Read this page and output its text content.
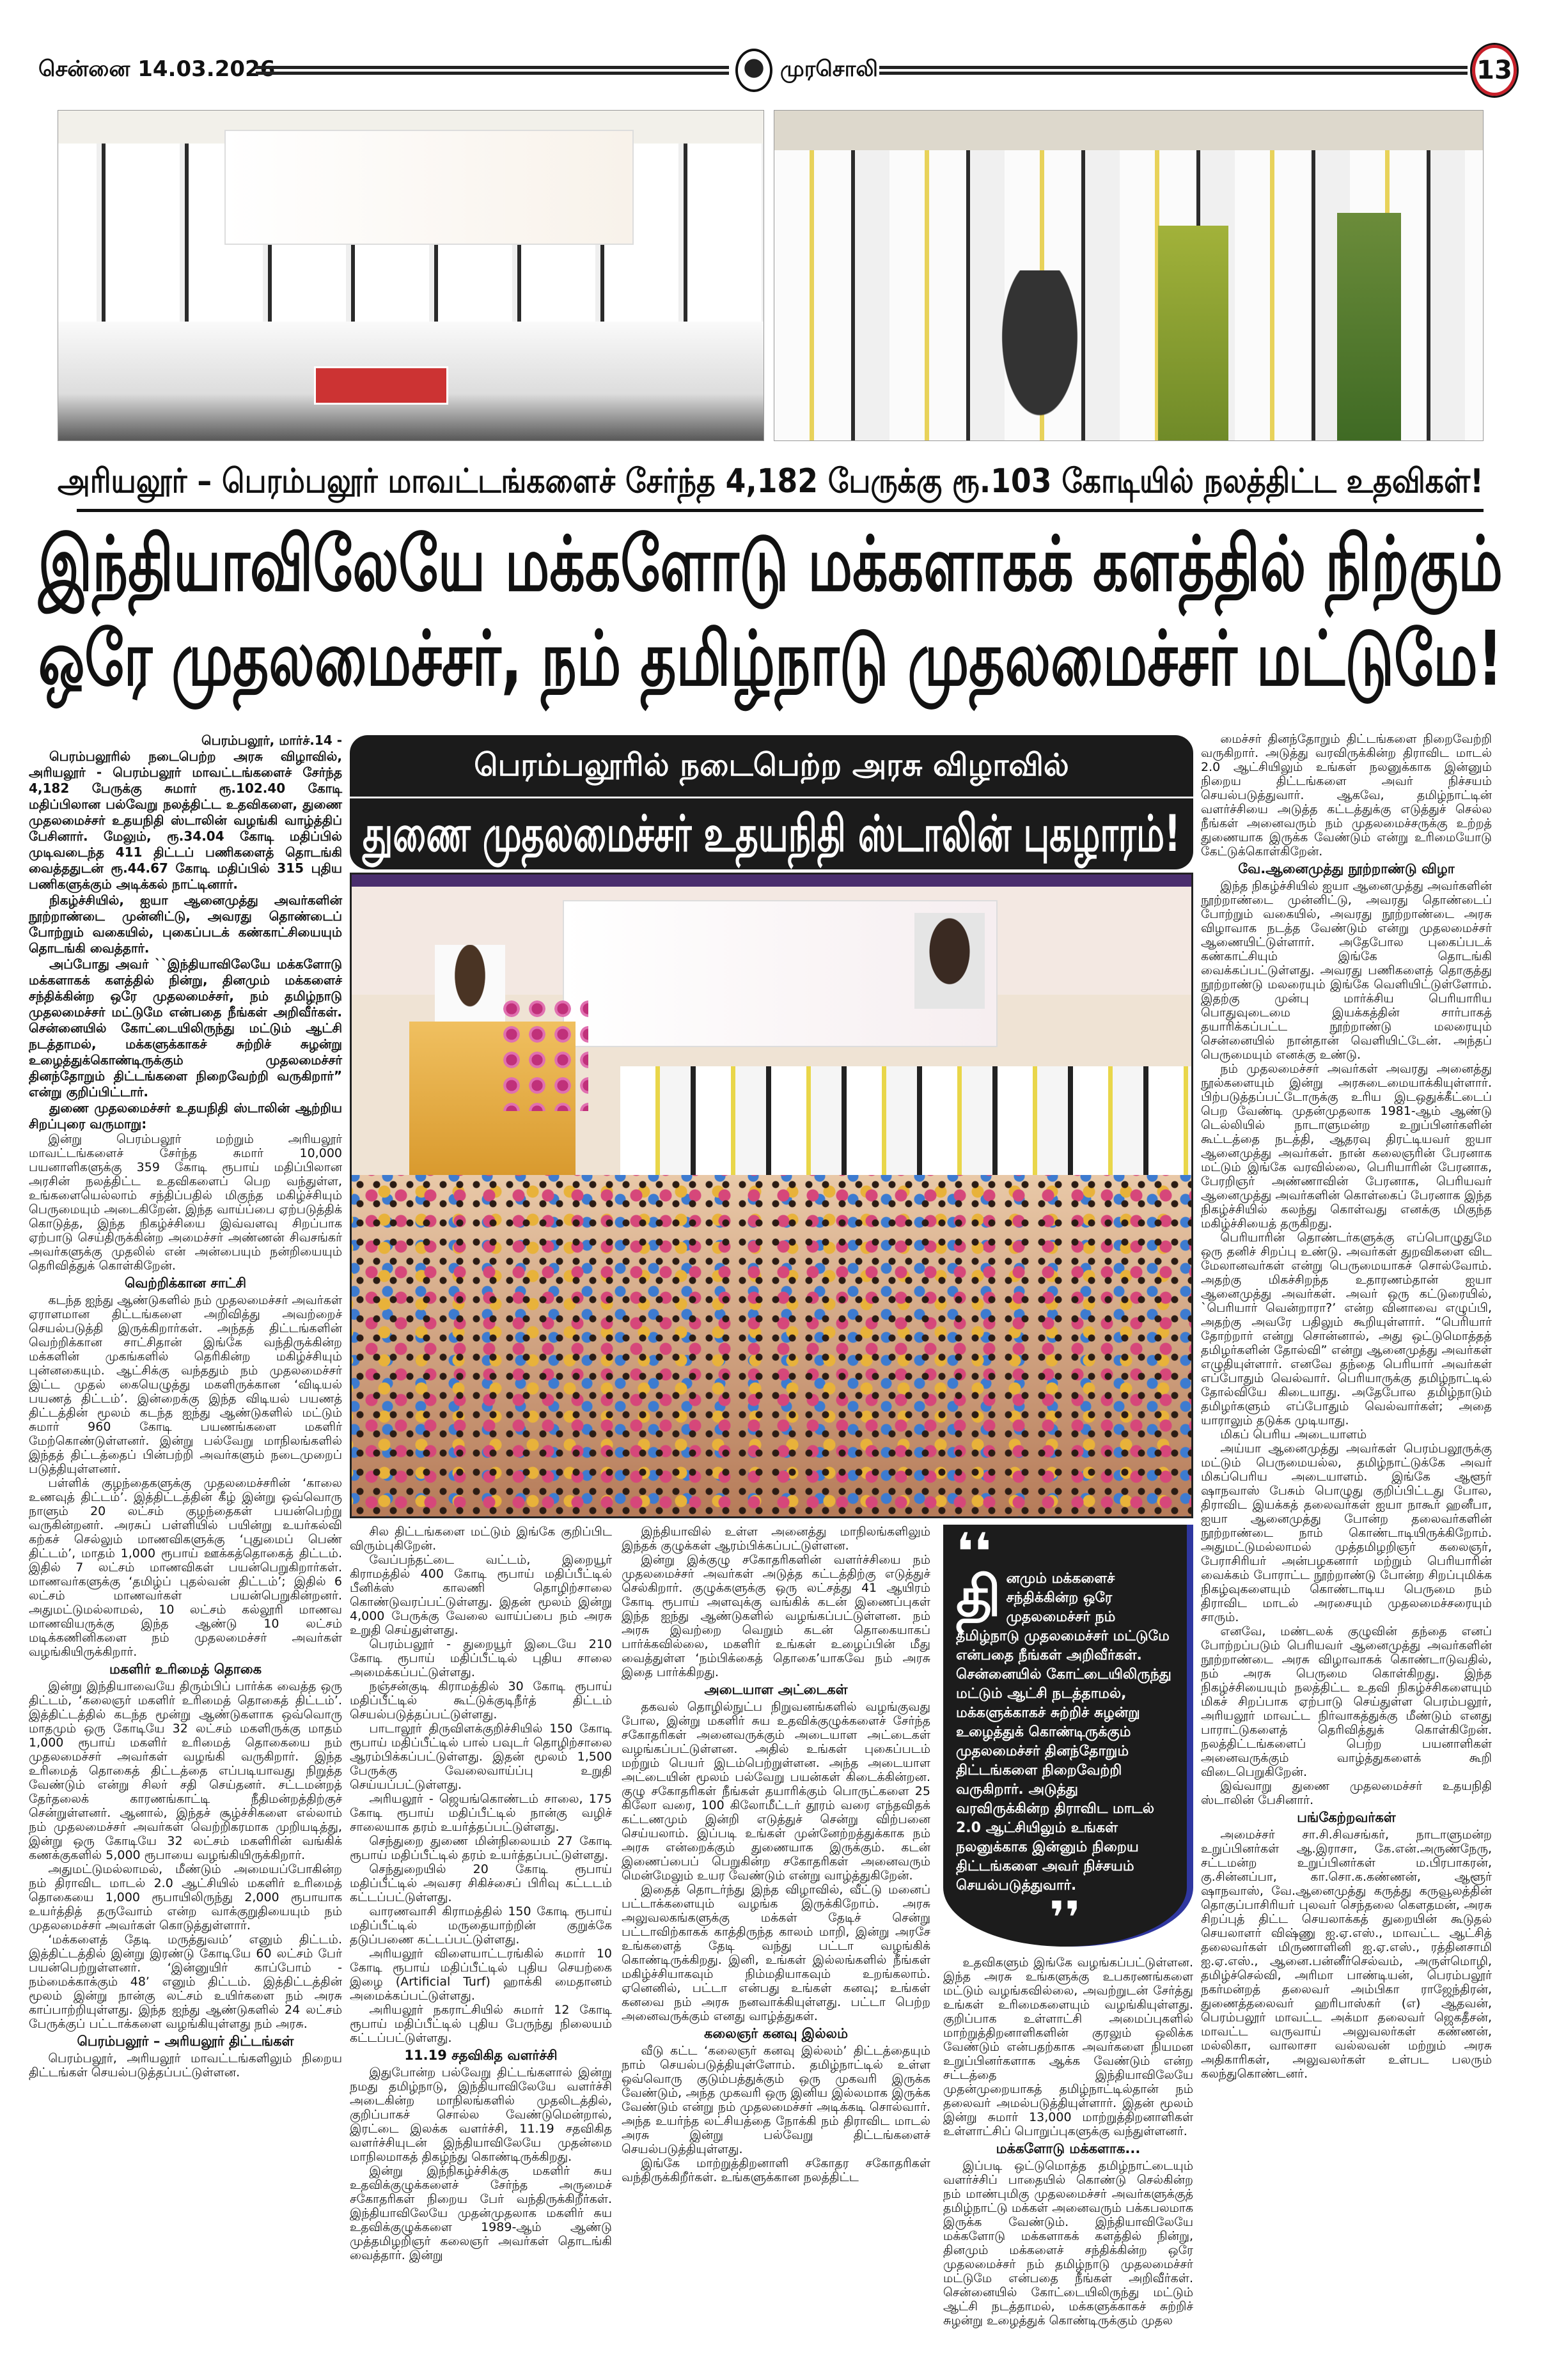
சென்னை 14.03.2026	முரசொலி	13
அரியலூர் – பெரம்பலூர் மாவட்டங்களைச் சேர்ந்த 4,182 பேருக்கு ரூ.103 கோடியில் நலத்திட்ட உதவிகள்!
இந்தியாவிலேயே மக்களோடு மக்களாகக் களத்தில் நிற்கும்
ஒரே முதலமைச்சர், நம் தமிழ்நாடு முதலமைச்சர் மட்டுமே!
பெரம்பலூரில் நடைபெற்ற அரசு விழாவில்
துணை முதலமைச்சர் உதயநிதி ஸ்டாலின் புகழாரம்!

பெரம்பலூர், மார்ச்.14 -

பெரம்பலூரில் நடைபெற்ற அரசு விழாவில், அரியலூர் - பெரம்பலூர் மாவட்டங்களைச் சேர்ந்த 4,182 பேருக்கு சுமார் ரூ.102.40 கோடி மதிப்பிலான பல்வேறு நலத்திட்ட உதவிகளை, துணை முதலமைச்சர் உதயநிதி ஸ்டாலின் வழங்கி வாழ்த்திப் பேசினார். மேலும், ரூ.34.04 கோடி மதிப்பில் முடிவடைந்த 411 திட்டப் பணிகளைத் தொடங்கி வைத்ததுடன் ரூ.44.67 கோடி மதிப்பில் 315 புதிய பணிகளுக்கும் அடிக்கல் நாட்டினார்.

நிகழ்ச்சியில், ஐயா ஆனைமுத்து அவர்களின் நூற்றாண்டை முன்னிட்டு, அவரது தொண்டைப் போற்றும் வகையில், புகைப்படக் கண்காட்சியையும் தொடங்கி வைத்தார்.

அப்போது அவர் ``இந்தியாவிலேயே மக்களோடு மக்களாகக் களத்தில் நின்று, தினமும் மக்களைச் சந்திக்கின்ற ஒரே முதலமைச்சர், நம் தமிழ்நாடு முதலமைச்சர் மட்டுமே என்பதை நீங்கள் அறிவீர்கள். சென்னையில் கோட்டையிலிருந்து மட்டும் ஆட்சி நடத்தாமல், மக்களுக்காகச் சுற்றிச் சுழன்று உழைத்துக்கொண்டிருக்கும் முதலமைச்சர் தினந்தோறும் திட்டங்களை நிறைவேற்றி வருகிறார்” என்று குறிப்பிட்டார்.

துணை முதலமைச்சர் உதயநிதி ஸ்டாலின் ஆற்றிய சிறப்புரை வருமாறு:

இன்று பெரம்பலூர் மற்றும் அரியலூர் மாவட்டங்களைச் சேர்ந்த சுமார் 10,000 பயனாளிகளுக்கு 359 கோடி ரூபாய் மதிப்பிலான அரசின் நலத்திட்ட உதவிகளைப் பெற வந்துள்ள, உங்களையெல்லாம் சந்திப்பதில் மிகுந்த மகிழ்ச்சியும் பெருமையும் அடைகிறேன். இந்த வாய்ப்பை ஏற்படுத்திக் கொடுத்த, இந்த நிகழ்ச்சியை இவ்வளவு சிறப்பாக ஏற்பாடு செய்திருக்கின்ற அமைச்சர் அண்ணன் சிவசங்கர் அவர்களுக்கு முதலில் என் அன்பையும் நன்றியையும் தெரிவித்துக் கொள்கிறேன்.

வெற்றிக்கான சாட்சி

கடந்த ஐந்து ஆண்டுகளில் நம் முதலமைச்சர் அவர்கள் ஏராளமான திட்டங்களை அறிவித்து அவற்றைச் செயல்படுத்தி இருக்கிறார்கள். அந்தத் திட்டங்களின் வெற்றிக்கான சாட்சிதான் இங்கே வந்திருக்கின்ற மக்களின் முகங்களில் தெரிகின்ற மகிழ்ச்சியும் புன்னகையும். ஆட்சிக்கு வந்ததும் நம் முதலமைச்சர் இட்ட முதல் கையெழுத்து மகளிருக்கான ‘விடியல் பயணத் திட்டம்’. இன்றைக்கு இந்த விடியல் பயணத் திட்டத்தின் மூலம் கடந்த ஐந்து ஆண்டுகளில் மட்டும் சுமார் 960 கோடி பயணங்களை மகளிர் மேற்கொண்டுள்ளனர். இன்று பல்வேறு மாநிலங்களில் இந்தத் திட்டத்தைப் பின்பற்றி அவர்களும் நடைமுறைப் படுத்தியுள்ளனர்.

பள்ளிக் குழந்தைகளுக்கு முதலமைச்சரின் ‘காலை உணவுத் திட்டம்’. இத்திட்டத்தின் கீழ் இன்று ஒவ்வொரு நாளும் 20 லட்சம் குழந்தைகள் பயன்பெற்று வருகின்றனர். அரசுப் பள்ளியில் பயின்று உயர்கல்வி கற்கச் செல்லும் மாணவிகளுக்கு ‘புதுமைப் பெண் திட்டம்’, மாதம் 1,000 ரூபாய் ஊக்கத்தொகைத் திட்டம். இதில் 7 லட்சம் மாணவிகள் பயன்பெறுகிறார்கள். மாணவர்களுக்கு ‘தமிழ்ப் புதல்வன் திட்டம்’; இதில் 6 லட்சம் மாணவர்கள் பயன்பெறுகின்றனர். அதுமட்டுமல்லாமல், 10 லட்சம் கல்லூரி மாணவ மாணவியருக்கு இந்த ஆண்டு 10 லட்சம் மடிக்கணினிகளை நம் முதலமைச்சர் அவர்கள் வழங்கியிருக்கிறார்.

மகளிர் உரிமைத் தொகை

இன்று இந்தியாவையே திரும்பிப் பார்க்க வைத்த ஒரு திட்டம், ‘கலைஞர் மகளிர் உரிமைத் தொகைத் திட்டம்’. இத்திட்டத்தில் கடந்த மூன்று ஆண்டுகளாக ஒவ்வொரு மாதமும் ஒரு கோடியே 32 லட்சம் மகளிருக்கு மாதம் 1,000 ரூபாய் மகளிர் உரிமைத் தொகையை நம் முதலமைச்சர் அவர்கள் வழங்கி வருகிறார். இந்த உரிமைத் தொகைத் திட்டத்தை எப்படியாவது நிறுத்த வேண்டும் என்று சிலர் சதி செய்தனர். சட்டமன்றத் தேர்தலைக் காரணங்காட்டி நீதிமன்றத்திற்குச் சென்றுள்ளனர். ஆனால், இந்தச் சூழ்ச்சிகளை எல்லாம் நம் முதலமைச்சர் அவர்கள் வெற்றிகரமாக முறியடித்து, இன்று ஒரு கோடியே 32 லட்சம் மகளிரின் வங்கிக் கணக்குகளில் 5,000 ரூபாயை வழங்கியிருக்கிறார்.

அதுமட்டுமல்லாமல், மீண்டும் அமையப்போகின்ற நம் திராவிட மாடல் 2.0 ஆட்சியில் மகளிர் உரிமைத் தொகையை 1,000 ரூபாயிலிருந்து 2,000 ரூபாயாக உயர்த்தித் தருவோம் என்ற வாக்குறுதியையும் நம் முதலமைச்சர் அவர்கள் கொடுத்துள்ளார்.

‘மக்களைத் தேடி மருத்துவம்’ எனும் திட்டம். இத்திட்டத்தில் இன்று இரண்டு கோடியே 60 லட்சம் பேர் பயன்பெற்றுள்ளனர். ‘இன்னுயிர் காப்போம் - நம்மைக்காக்கும் 48’ எனும் திட்டம். இத்திட்டத்தின் மூலம் இன்று நான்கு லட்சம் உயிர்களை நம் அரசு காப்பாற்றியுள்ளது. இந்த ஐந்து ஆண்டுகளில் 24 லட்சம் பேருக்குப் பட்டாக்களை வழங்கியுள்ளது நம் அரசு.

பெரம்பலூர் – அரியலூர் திட்டங்கள்

பெரம்பலூர், அரியலூர் மாவட்டங்களிலும் நிறைய திட்டங்கள் செயல்படுத்தப்பட்டுள்ளன.

சில திட்டங்களை மட்டும் இங்கே குறிப்பிட விரும்புகிறேன்.

வேப்பந்தட்டை வட்டம், இறையூர் கிராமத்தில் 400 கோடி ரூபாய் மதிப்பீட்டில் பீனிக்ஸ் காலணி தொழிற்சாலை கொண்டுவரப்பட்டுள்ளது. இதன் மூலம் இன்று 4,000 பேருக்கு வேலை வாய்ப்பை நம் அரசு உறுதி செய்துள்ளது.

பெரம்பலூர் - துறையூர் இடையே 210 கோடி ரூபாய் மதிப்பீட்டில் புதிய சாலை அமைக்கப்பட்டுள்ளது.

நஞ்சன்குடி கிராமத்தில் 30 கோடி ரூபாய் மதிப்பீட்டில் கூட்டுக்குடிநீர்த் திட்டம் செயல்படுத்தப்பட்டுள்ளது.

பாடாலூர் திருவிளக்குறிச்சியில் 150 கோடி ரூபாய் மதிப்பீட்டில் பால் பவுடர் தொழிற்சாலை ஆரம்பிக்கப்பட்டுள்ளது. இதன் மூலம் 1,500 பேருக்கு வேலைவாய்ப்பு உறுதி செய்யப்பட்டுள்ளது.

அரியலூர் - ஜெயங்கொண்டம் சாலை, 175 கோடி ரூபாய் மதிப்பீட்டில் நான்கு வழிச் சாலையாக தரம் உயர்த்தப்பட்டுள்ளது.

செந்துறை துணை மின்நிலையம் 27 கோடி ரூபாய் மதிப்பீட்டில் தரம் உயர்த்தப்பட்டுள்ளது.

செந்துறையில் 20 கோடி ரூபாய் மதிப்பீட்டில் அவசர சிகிச்சைப் பிரிவு கட்டடம் கட்டப்பட்டுள்ளது.

வாரணவாசி கிராமத்தில் 150 கோடி ரூபாய் மதிப்பீட்டில் மருதையாற்றின் குறுக்கே தடுப்பணை கட்டப்பட்டுள்ளது.

அரியலூர் விளையாட்டரங்கில் சுமார் 10 கோடி ரூபாய் மதிப்பீட்டில் புதிய செயற்கை இழை (Artificial Turf) ஹாக்கி மைதானம் அமைக்கப்பட்டுள்ளது.

அரியலூர் நகராட்சியில் சுமார் 12 கோடி ரூபாய் மதிப்பீட்டில் புதிய பேருந்து நிலையம் கட்டப்பட்டுள்ளது.

11.19 சதவிகித வளர்ச்சி

இதுபோன்ற பல்வேறு திட்டங்களால் இன்று நமது தமிழ்நாடு, இந்தியாவிலேயே வளர்ச்சி அடைகின்ற மாநிலங்களில் முதலிடத்தில், குறிப்பாகச் சொல்ல வேண்டுமென்றால், இரட்டை இலக்க வளர்ச்சி, 11.19 சதவிகித வளர்ச்சியுடன் இந்தியாவிலேயே முதன்மை மாநிலமாகத் திகழ்ந்து கொண்டிருக்கிறது.

இன்று இந்நிகழ்ச்சிக்கு மகளிர் சுய உதவிக்குழுக்களைச் சேர்ந்த அருமைச் சகோதரிகள் நிறைய பேர் வந்திருக்கிறீர்கள். இந்தியாவிலேயே முதன்முதலாக மகளிர் சுய உதவிக்குழுக்களை 1989-ஆம் ஆண்டு முத்தமிழறிஞர் கலைஞர் அவர்கள் தொடங்கி வைத்தார். இன்று

இந்தியாவில் உள்ள அனைத்து மாநிலங்களிலும் இந்தக் குழுக்கள் ஆரம்பிக்கப்பட்டுள்ளன.

இன்று இக்குழு சகோதரிகளின் வளர்ச்சியை நம் முதலமைச்சர் அவர்கள் அடுத்த கட்டத்திற்கு எடுத்துச் செல்கிறார். குழுக்களுக்கு ஒரு லட்சத்து 41 ஆயிரம் கோடி ரூபாய் அளவுக்கு வங்கிக் கடன் இணைப்புகள் இந்த ஐந்து ஆண்டுகளில் வழங்கப்பட்டுள்ளன. நம் அரசு இவற்றை வெறும் கடன் தொகையாகப் பார்க்கவில்லை, மகளிர் உங்கள் உழைப்பின் மீது வைத்துள்ள ‘நம்பிக்கைத் தொகை’யாகவே நம் அரசு இதை பார்க்கிறது.

அடையாள அட்டைகள்

தகவல் தொழில்நுட்ப நிறுவனங்களில் வழங்குவது போல, இன்று மகளிர் சுய உதவிக்குழுக்களைச் சேர்ந்த சகோதரிகள் அனைவருக்கும் அடையாள அட்டைகள் வழங்கப்பட்டுள்ளன. அதில் உங்கள் புகைப்படம் மற்றும் பெயர் இடம்பெற்றுள்ளன. அந்த அடையாள அட்டையின் மூலம் பல்வேறு பயன்கள் கிடைக்கின்றன. குழு சகோதரிகள் நீங்கள் தயாரிக்கும் பொருட்களை 25 கிலோ வரை, 100 கிலோமீட்டர் தூரம் வரை எந்தவிதக் கட்டணமும் இன்றி எடுத்துச் சென்று விற்பனை செய்யலாம். இப்படி உங்கள் முன்னேற்றத்துக்காக நம் அரசு என்றைக்கும் துணையாக இருக்கும். கடன் இணைப்பைப் பெறுகின்ற சகோதரிகள் அனைவரும் மென்மேலும் உயர வேண்டும் என்று வாழ்த்துகிறேன்.

இதைத் தொடர்ந்து இந்த விழாவில், வீட்டு மனைப் பட்டாக்களையும் வழங்க இருக்கிறோம். அரசு அலுவலகங்களுக்கு மக்கள் தேடிச் சென்று பட்டாவிற்காகக் காத்திருந்த காலம் மாறி, இன்று அரசே உங்களைத் தேடி வந்து பட்டா வழங்கிக் கொண்டிருக்கிறது. இனி, உங்கள் இல்லங்களில் நீங்கள் மகிழ்ச்சியாகவும் நிம்மதியாகவும் உறங்கலாம். ஏனெனில், பட்டா என்பது உங்கள் கனவு; உங்கள் கனவை நம் அரசு நனவாக்கியுள்ளது. பட்டா பெற்ற அனைவருக்கும் எனது வாழ்த்துகள்.

கலைஞர் கனவு இல்லம்

வீடு கட்ட ‘கலைஞர் கனவு இல்லம்’ திட்டத்தையும் நாம் செயல்படுத்தியுள்ளோம். தமிழ்நாட்டில் உள்ள ஒவ்வொரு குடும்பத்துக்கும் ஒரு முகவரி இருக்க வேண்டும், அந்த முகவரி ஒரு இனிய இல்லமாக இருக்க வேண்டும் என்று நம் முதலமைச்சர் அடிக்கடி சொல்வார். அந்த உயர்ந்த லட்சியத்தை நோக்கி நம் திராவிட மாடல் அரசு இன்று பல்வேறு திட்டங்களைச் செயல்படுத்தியுள்ளது.

இங்கே மாற்றுத்திறனாளி சகோதர சகோதரிகள் வந்திருக்கிறீர்கள். உங்களுக்கான நலத்திட்ட

❛❛
தி னமும் மக்களைச் சந்திக்கின்ற ஒரே முதலமைச்சர் நம் தமிழ்நாடு முதலமைச்சர் மட்டுமே என்பதை நீங்கள் அறிவீர்கள். சென்னையில் கோட்டையிலிருந்து மட்டும் ஆட்சி நடத்தாமல், மக்களுக்காகச் சுற்றிச் சுழன்று உழைத்துக் கொண்டிருக்கும் முதலமைச்சர் தினந்தோறும் திட்டங்களை நிறைவேற்றி வருகிறார். அடுத்து வரவிருக்கின்ற திராவிட மாடல் 2.0 ஆட்சியிலும் உங்கள் நலனுக்காக இன்னும் நிறைய திட்டங்களை அவர் நிச்சயம் செயல்படுத்துவார்.
❜❜

உதவிகளும் இங்கே வழங்கப்பட்டுள்ளன. இந்த அரசு உங்களுக்கு உபகரணங்களை மட்டும் வழங்கவில்லை, அவற்றுடன் சேர்த்து உங்கள் உரிமைகளையும் வழங்கியுள்ளது. குறிப்பாக உள்ளாட்சி அமைப்புகளில் மாற்றுத்திறனாளிகளின் குரலும் ஒலிக்க வேண்டும் என்பதற்காக அவர்களை நியமன உறுப்பினர்களாக ஆக்க வேண்டும் என்ற சட்டத்தை இந்தியாவிலேயே முதன்முறையாகத் தமிழ்நாட்டில்தான் நம் தலைவர் அமல்படுத்தியுள்ளார். இதன் மூலம் இன்று சுமார் 13,000 மாற்றுத்திறனாளிகள் உள்ளாட்சிப் பொறுப்புகளுக்கு வந்துள்ளனர்.

மக்களோடு மக்களாக...

இப்படி ஒட்டுமொத்த தமிழ்நாட்டையும் வளர்ச்சிப் பாதையில் கொண்டு செல்கின்ற நம் மாண்புமிகு முதலமைச்சர் அவர்களுக்குத் தமிழ்நாட்டு மக்கள் அனைவரும் பக்கபலமாக இருக்க வேண்டும். இந்தியாவிலேயே மக்களோடு மக்களாகக் களத்தில் நின்று, தினமும் மக்களைச் சந்திக்கின்ற ஒரே முதலமைச்சர் நம் தமிழ்நாடு முதலமைச்சர் மட்டுமே என்பதை நீங்கள் அறிவீர்கள். சென்னையில் கோட்டையிலிருந்து மட்டும் ஆட்சி நடத்தாமல், மக்களுக்காகச் சுற்றிச் சுழன்று உழைத்துக் கொண்டிருக்கும் முதல

மைச்சர் தினந்தோறும் திட்டங்களை நிறைவேற்றி வருகிறார். அடுத்து வரவிருக்கின்ற திராவிட மாடல் 2.0 ஆட்சியிலும் உங்கள் நலனுக்காக இன்னும் நிறைய திட்டங்களை அவர் நிச்சயம் செயல்படுத்துவார். ஆகவே, தமிழ்நாட்டின் வளர்ச்சியை அடுத்த கட்டத்துக்கு எடுத்துச் செல்ல நீங்கள் அனைவரும் நம் முதலமைச்சருக்கு உற்றத் துணையாக இருக்க வேண்டும் என்று உரிமையோடு கேட்டுக்கொள்கிறேன்.

வே.ஆனைமுத்து நூற்றாண்டு விழா

இந்த நிகழ்ச்சியில் ஐயா ஆனைமுத்து அவர்களின் நூற்றாண்டை முன்னிட்டு, அவரது தொண்டைப் போற்றும் வகையில், அவரது நூற்றாண்டை அரசு விழாவாக நடத்த வேண்டும் என்று முதலமைச்சர் ஆணையிட்டுள்ளார். அதேபோல புகைப்படக் கண்காட்சியும் இங்கே தொடங்கி வைக்கப்பட்டுள்ளது. அவரது பணிகளைத் தொகுத்து நூற்றாண்டு மலரையும் இங்கே வெளியிட்டுள்ளோம். இதற்கு முன்பு மார்க்சிய பெரியாரிய பொதுவுடைமை இயக்கத்தின் சார்பாகத் தயாரிக்கப்பட்ட நூற்றாண்டு மலரையும் சென்னையில் நான்தான் வெளியிட்டேன். அந்தப் பெருமையும் எனக்கு உண்டு.

நம் முதலமைச்சர் அவர்கள் அவரது அனைத்து நூல்களையும் இன்று அரசுடைமையாக்கியுள்ளார். பிற்படுத்தப்பட்டோருக்கு உரிய இடஒதுக்கீட்டைப் பெற வேண்டி முதன்முதலாக 1981-ஆம் ஆண்டு டெல்லியில் நாடாளுமன்ற உறுப்பினர்களின் கூட்டத்தை நடத்தி, ஆதரவு திரட்டியவர் ஐயா ஆனைமுத்து அவர்கள். நான் கலைஞரின் பேரனாக மட்டும் இங்கே வரவில்லை, பெரியாரின் பேரனாக, பேரறிஞர் அண்ணாவின் பேரனாக, பெரியவர் ஆனைமுத்து அவர்களின் கொள்கைப் பேரனாக இந்த நிகழ்ச்சியில் கலந்து கொள்வது எனக்கு மிகுந்த மகிழ்ச்சியைத் தருகிறது.

பெரியாரின் தொண்டர்களுக்கு எப்பொழுதுமே ஒரு தனிச் சிறப்பு உண்டு. அவர்கள் துறவிகளை விட மேலானவர்கள் என்று பெருமையாகச் சொல்வோம். அதற்கு மிகச்சிறந்த உதாரணம்தான் ஐயா ஆனைமுத்து அவர்கள். அவர் ஒரு கட்டுரையில், `பெரியார் வென்றாரா?’ என்ற வினாவை எழுப்பி, அதற்கு அவரே பதிலும் கூறியுள்ளார். “பெரியார் தோற்றார் என்று சொன்னால், அது ஒட்டுமொத்தத் தமிழர்களின் தோல்வி” என்று ஆனைமுத்து அவர்கள் எழுதியுள்ளார். எனவே தந்தை பெரியார் அவர்கள் எப்போதும் வெல்வார். பெரியாருக்கு தமிழ்நாட்டில் தோல்வியே கிடையாது. அதேபோல தமிழ்நாடும் தமிழர்களும் எப்போதும் வெல்வார்கள்; அதை யாராலும் தடுக்க முடியாது.

மிகப் பெரிய அடையாளம்

அய்யா ஆனைமுத்து அவர்கள் பெரம்பலூருக்கு மட்டும் பெருமையல்ல, தமிழ்நாட்டுக்கே அவர் மிகப்பெரிய அடையாளம். இங்கே ஆளூர் ஷாநவாஸ் பேசும் பொழுது குறிப்பிட்டது போல, திராவிட இயக்கத் தலைவர்கள் ஐயா நாகூர் ஹனீபா, ஐயா ஆனைமுத்து போன்ற தலைவர்களின் நூற்றாண்டை நாம் கொண்டாடியிருக்கிறோம். அதுமட்டுமல்லாமல் முத்தமிழறிஞர் கலைஞர், பேராசிரியர் அன்பழகனார் மற்றும் பெரியாரின் வைக்கம் போராட்ட நூற்றாண்டு போன்ற சிறப்புமிக்க நிகழ்வுகளையும் கொண்டாடிய பெருமை நம் திராவிட மாடல் அரசையும் முதலமைச்சரையும் சாரும்.

எனவே, மண்டலக் குழுவின் தந்தை எனப் போற்றப்படும் பெரியவர் ஆனைமுத்து அவர்களின் நூற்றாண்டை அரசு விழாவாகக் கொண்டாடுவதில், நம் அரசு பெருமை கொள்கிறது. இந்த நிகழ்ச்சியையும் நலத்திட்ட உதவி நிகழ்ச்சிகளையும் மிகச் சிறப்பாக ஏற்பாடு செய்துள்ள பெரம்பலூர், அரியலூர் மாவட்ட நிர்வாகத்துக்கு மீண்டும் எனது பாராட்டுகளைத் தெரிவித்துக் கொள்கிறேன். நலத்திட்டங்களைப் பெற்ற பயனாளிகள் அனைவருக்கும் வாழ்த்துகளைக் கூறி விடைபெறுகிறேன்.

இவ்வாறு துணை முதலமைச்சர் உதயநிதி ஸ்டாலின் பேசினார்.

பங்கேற்றவர்கள்

அமைச்சர் சா.சி.சிவசங்கர், நாடாளுமன்ற உறுப்பினர்கள் ஆ.இராசா, கே.என்.அருண்நேரு, சட்டமன்ற உறுப்பினர்கள் ம.பிரபாகரன், கு.சின்னப்பா, கா.சொ.க.கண்ணன், ஆளூர் ஷாநவாஸ், வே.ஆனைமுத்து கருத்து கருவூலத்தின் தொகுப்பாசிரியர் புலவர் செந்தலை கௌதமன், அரசு சிறப்புத் திட்ட செயலாக்கத் துறையின் கூடுதல் செயலாளர் விஷ்ணு ஐ.ஏ.எஸ்., மாவட்ட ஆட்சித் தலைவர்கள் மிருணாளினி ஐ.ஏ.எஸ்., ரத்தினசாமி ஐ.ஏ.எஸ்., ஆனை.பன்னீர்செல்வம், அருள்மொழி, தமிழ்ச்செல்வி, அரிமா பாண்டியன், பெரம்பலூர் நகர்மன்றத் தலைவர் அம்பிகா ராஜேந்திரன், துணைத்தலைவர் ஹரிபாஸ்கர் (எ) ஆதவன், பெரம்பலூர் மாவட்ட அக்மா தலைவர் ஜெகதீசன், மாவட்ட வருவாய் அலுவலர்கள் கண்ணன், மல்லிகா, வாலாசா வல்லவன் மற்றும் அரசு அதிகாரிகள், அலுவலர்கள் உள்பட பலரும் கலந்துகொண்டனர்.
